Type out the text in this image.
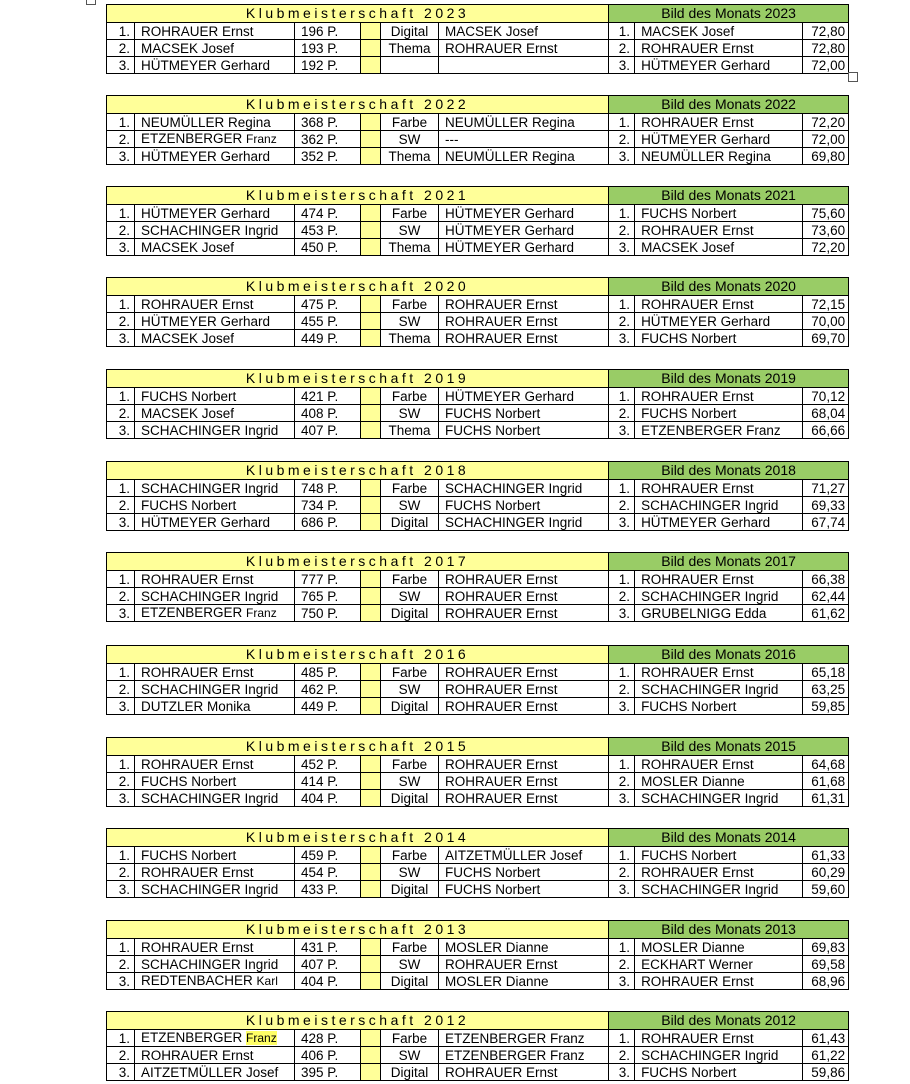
Klubmeisterschaft 2023						Bild des Monats 2023		
1.	ROHRAUER Ernst	196 P.		Digital	MACSEK Josef	1.	MACSEK Josef	72,80
2.	MACSEK Josef	193 P.		Thema	ROHRAUER Ernst	2.	ROHRAUER Ernst	72,80
3.	HÜTMEYER Gerhard	192 P.				3.	HÜTMEYER Gerhard	72,00
Klubmeisterschaft 2022						Bild des Monats 2022		
1.	NEUMÜLLER Regina	368 P.		Farbe	NEUMÜLLER Regina	1.	ROHRAUER Ernst	72,20
2.	ETZENBERGER Franz	362 P.		SW	---	2.	HÜTMEYER Gerhard	72,00
3.	HÜTMEYER Gerhard	352 P.		Thema	NEUMÜLLER Regina	3.	NEUMÜLLER Regina	69,80
Klubmeisterschaft 2021						Bild des Monats 2021		
1.	HÜTMEYER Gerhard	474 P.		Farbe	HÜTMEYER Gerhard	1.	FUCHS Norbert	75,60
2.	SCHACHINGER Ingrid	453 P.		SW	HÜTMEYER Gerhard	2.	ROHRAUER Ernst	73,60
3.	MACSEK Josef	450 P.		Thema	HÜTMEYER Gerhard	3.	MACSEK Josef	72,20
Klubmeisterschaft 2020						Bild des Monats 2020		
1.	ROHRAUER Ernst	475 P.		Farbe	ROHRAUER Ernst	1.	ROHRAUER Ernst	72,15
2.	HÜTMEYER Gerhard	455 P.		SW	ROHRAUER Ernst	2.	HÜTMEYER Gerhard	70,00
3.	MACSEK Josef	449 P.		Thema	ROHRAUER Ernst	3.	FUCHS Norbert	69,70
Klubmeisterschaft 2019						Bild des Monats 2019		
1.	FUCHS Norbert	421 P.		Farbe	HÜTMEYER Gerhard	1.	ROHRAUER Ernst	70,12
2.	MACSEK Josef	408 P.		SW	FUCHS Norbert	2.	FUCHS Norbert	68,04
3.	SCHACHINGER Ingrid	407 P.		Thema	FUCHS Norbert	3.	ETZENBERGER Franz	66,66
Klubmeisterschaft 2018						Bild des Monats 2018		
1.	SCHACHINGER Ingrid	748 P.		Farbe	SCHACHINGER Ingrid	1.	ROHRAUER Ernst	71,27
2.	FUCHS Norbert	734 P.		SW	FUCHS Norbert	2.	SCHACHINGER Ingrid	69,33
3.	HÜTMEYER Gerhard	686 P.		Digital	SCHACHINGER Ingrid	3.	HÜTMEYER Gerhard	67,74
Klubmeisterschaft 2017						Bild des Monats 2017		
1.	ROHRAUER Ernst	777 P.		Farbe	ROHRAUER Ernst	1.	ROHRAUER Ernst	66,38
2.	SCHACHINGER Ingrid	765 P.		SW	ROHRAUER Ernst	2.	SCHACHINGER Ingrid	62,44
3.	ETZENBERGER Franz	750 P.		Digital	ROHRAUER Ernst	3.	GRUBELNIGG Edda	61,62
Klubmeisterschaft 2016						Bild des Monats 2016		
1.	ROHRAUER Ernst	485 P.		Farbe	ROHRAUER Ernst	1.	ROHRAUER Ernst	65,18
2.	SCHACHINGER Ingrid	462 P.		SW	ROHRAUER Ernst	2.	SCHACHINGER Ingrid	63,25
3.	DUTZLER Monika	449 P.		Digital	ROHRAUER Ernst	3.	FUCHS Norbert	59,85
Klubmeisterschaft 2015						Bild des Monats 2015		
1.	ROHRAUER Ernst	452 P.		Farbe	ROHRAUER Ernst	1.	ROHRAUER Ernst	64,68
2.	FUCHS Norbert	414 P.		SW	ROHRAUER Ernst	2.	MOSLER Dianne	61,68
3.	SCHACHINGER Ingrid	404 P.		Digital	ROHRAUER Ernst	3.	SCHACHINGER Ingrid	61,31
Klubmeisterschaft 2014						Bild des Monats 2014		
1.	FUCHS Norbert	459 P.		Farbe	AITZETMÜLLER Josef	1.	FUCHS Norbert	61,33
2.	ROHRAUER Ernst	454 P.		SW	FUCHS Norbert	2.	ROHRAUER Ernst	60,29
3.	SCHACHINGER Ingrid	433 P.		Digital	FUCHS Norbert	3.	SCHACHINGER Ingrid	59,60
Klubmeisterschaft 2013						Bild des Monats 2013		
1.	ROHRAUER Ernst	431 P.		Farbe	MOSLER Dianne	1.	MOSLER Dianne	69,83
2.	SCHACHINGER Ingrid	407 P.		SW	ROHRAUER Ernst	2.	ECKHART Werner	69,58
3.	REDTENBACHER Karl	404 P.		Digital	MOSLER Dianne	3.	ROHRAUER Ernst	68,96
Klubmeisterschaft 2012						Bild des Monats 2012		
1.	ETZENBERGER Franz	428 P.		Farbe	ETZENBERGER Franz	1.	ROHRAUER Ernst	61,43
2.	ROHRAUER Ernst	406 P.		SW	ETZENBERGER Franz	2.	SCHACHINGER Ingrid	61,22
3.	AITZETMÜLLER Josef	395 P.		Digital	ROHRAUER Ernst	3.	FUCHS Norbert	59,86
